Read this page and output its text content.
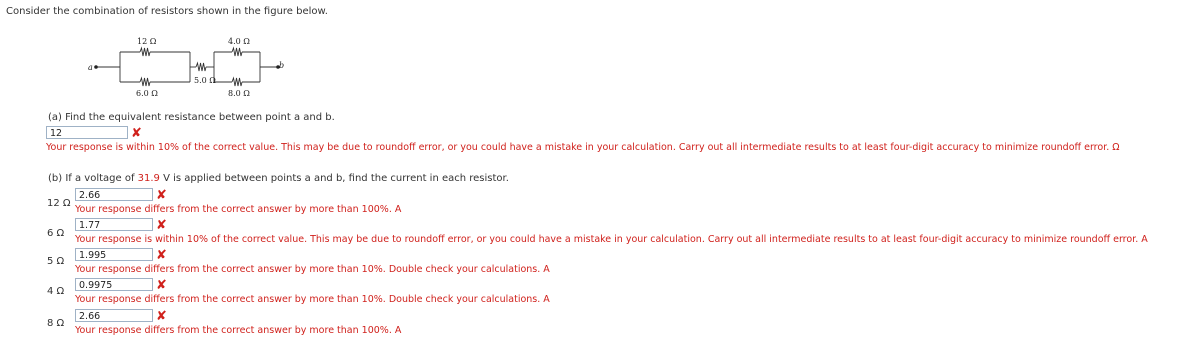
Consider the combination of resistors shown in the figure below.
a
12 Ω	4.0 Ω
5.0 Ω
6.0 Ω	8.0 Ω
b
(a) Find the equivalent resistance between point a and b.
12	✘
Your response is within 10% of the correct value. This may be due to roundoff error, or you could have a mistake in your calculation. Carry out all intermediate results to at least four-digit accuracy to minimize roundoff error. Ω
(b) If a voltage of 31.9 V is applied between points a and b, find the current in each resistor.
12 Ω
2.66	✘
Your response differs from the correct answer by more than 100%. A
6 Ω
1.77	✘
Your response is within 10% of the correct value. This may be due to roundoff error, or you could have a mistake in your calculation. Carry out all intermediate results to at least four-digit accuracy to minimize roundoff error. A
5 Ω
1.995	✘
Your response differs from the correct answer by more than 10%. Double check your calculations. A
4 Ω
0.9975	✘
Your response differs from the correct answer by more than 10%. Double check your calculations. A
8 Ω
2.66	✘
Your response differs from the correct answer by more than 100%. A
